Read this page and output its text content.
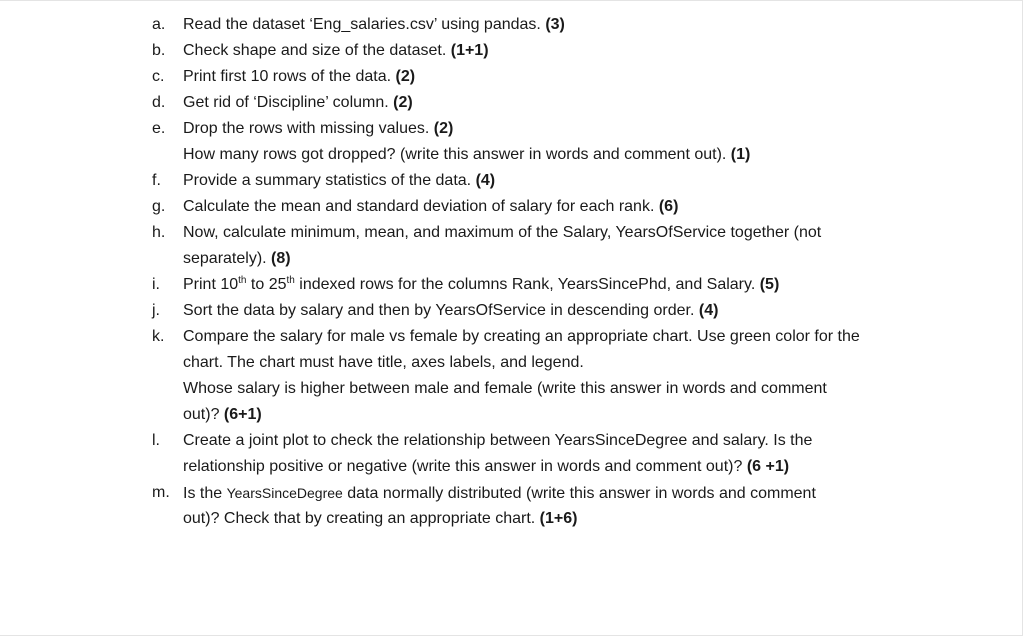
a.	Read the dataset ‘Eng_salaries.csv’ using pandas. (3)
b.	Check shape and size of the dataset. (1+1)
c.	Print first 10 rows of the data. (2)
d.	Get rid of ‘Discipline’ column. (2)
e.	Drop the rows with missing values. (2)
How many rows got dropped? (write this answer in words and comment out). (1)
f.	Provide a summary statistics of the data. (4)
g.	Calculate the mean and standard deviation of salary for each rank. (6)
h.	Now, calculate minimum, mean, and maximum of the Salary, YearsOfService together (not
separately). (8)
i.	Print 10th to 25th indexed rows for the columns Rank, YearsSincePhd, and Salary. (5)
j.	Sort the data by salary and then by YearsOfService in descending order. (4)
k.	Compare the salary for male vs female by creating an appropriate chart. Use green color for the
chart. The chart must have title, axes labels, and legend.
Whose salary is higher between male and female (write this answer in words and comment
out)? (6+1)
l.	Create a joint plot to check the relationship between YearsSinceDegree and salary. Is the
relationship positive or negative (write this answer in words and comment out)? (6 +1)
m. Is the YearsSinceDegree data normally distributed (write this answer in words and comment
out)? Check that by creating an appropriate chart. (1+6)
